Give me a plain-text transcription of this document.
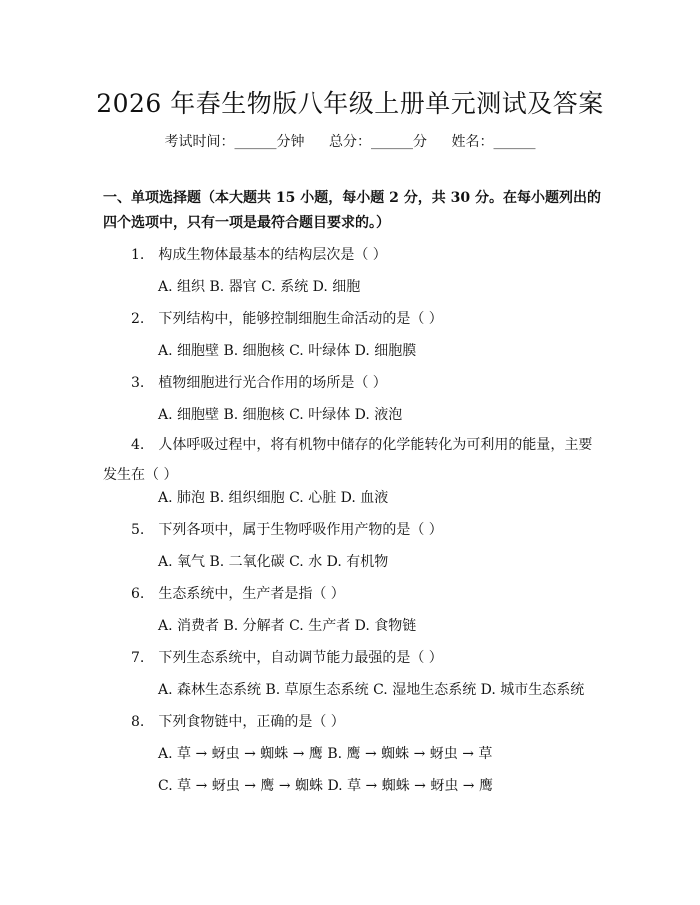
2026 年春生物版八年级上册单元测试及答案
考试时间：______分钟 总分：______分 姓名：______
一、单项选择题（本大题共 15 小题，每小题 2 分，共 30 分。在每小题列出的四个选项中，只有一项是最符合题目要求的。）
1. 构成生物体最基本的结构层次是（ ）
A. 组织 B. 器官 C. 系统 D. 细胞
2. 下列结构中，能够控制细胞生命活动的是（ ）
A. 细胞壁 B. 细胞核 C. 叶绿体 D. 细胞膜
3. 植物细胞进行光合作用的场所是（ ）
A. 细胞壁 B. 细胞核 C. 叶绿体 D. 液泡
4. 人体呼吸过程中，将有机物中储存的化学能转化为可利用的能量，主要发生在（ ）
A. 肺泡 B. 组织细胞 C. 心脏 D. 血液
5. 下列各项中，属于生物呼吸作用产物的是（ ）
A. 氧气 B. 二氧化碳 C. 水 D. 有机物
6. 生态系统中，生产者是指（ ）
A. 消费者 B. 分解者 C. 生产者 D. 食物链
7. 下列生态系统中，自动调节能力最强的是（ ）
A. 森林生态系统 B. 草原生态系统 C. 湿地生态系统 D. 城市生态系统
8. 下列食物链中，正确的是（ ）
A. 草 → 蚜虫 → 蜘蛛 → 鹰 B. 鹰 → 蜘蛛 → 蚜虫 → 草
C. 草 → 蚜虫 → 鹰 → 蜘蛛 D. 草 → 蜘蛛 → 蚜虫 → 鹰
